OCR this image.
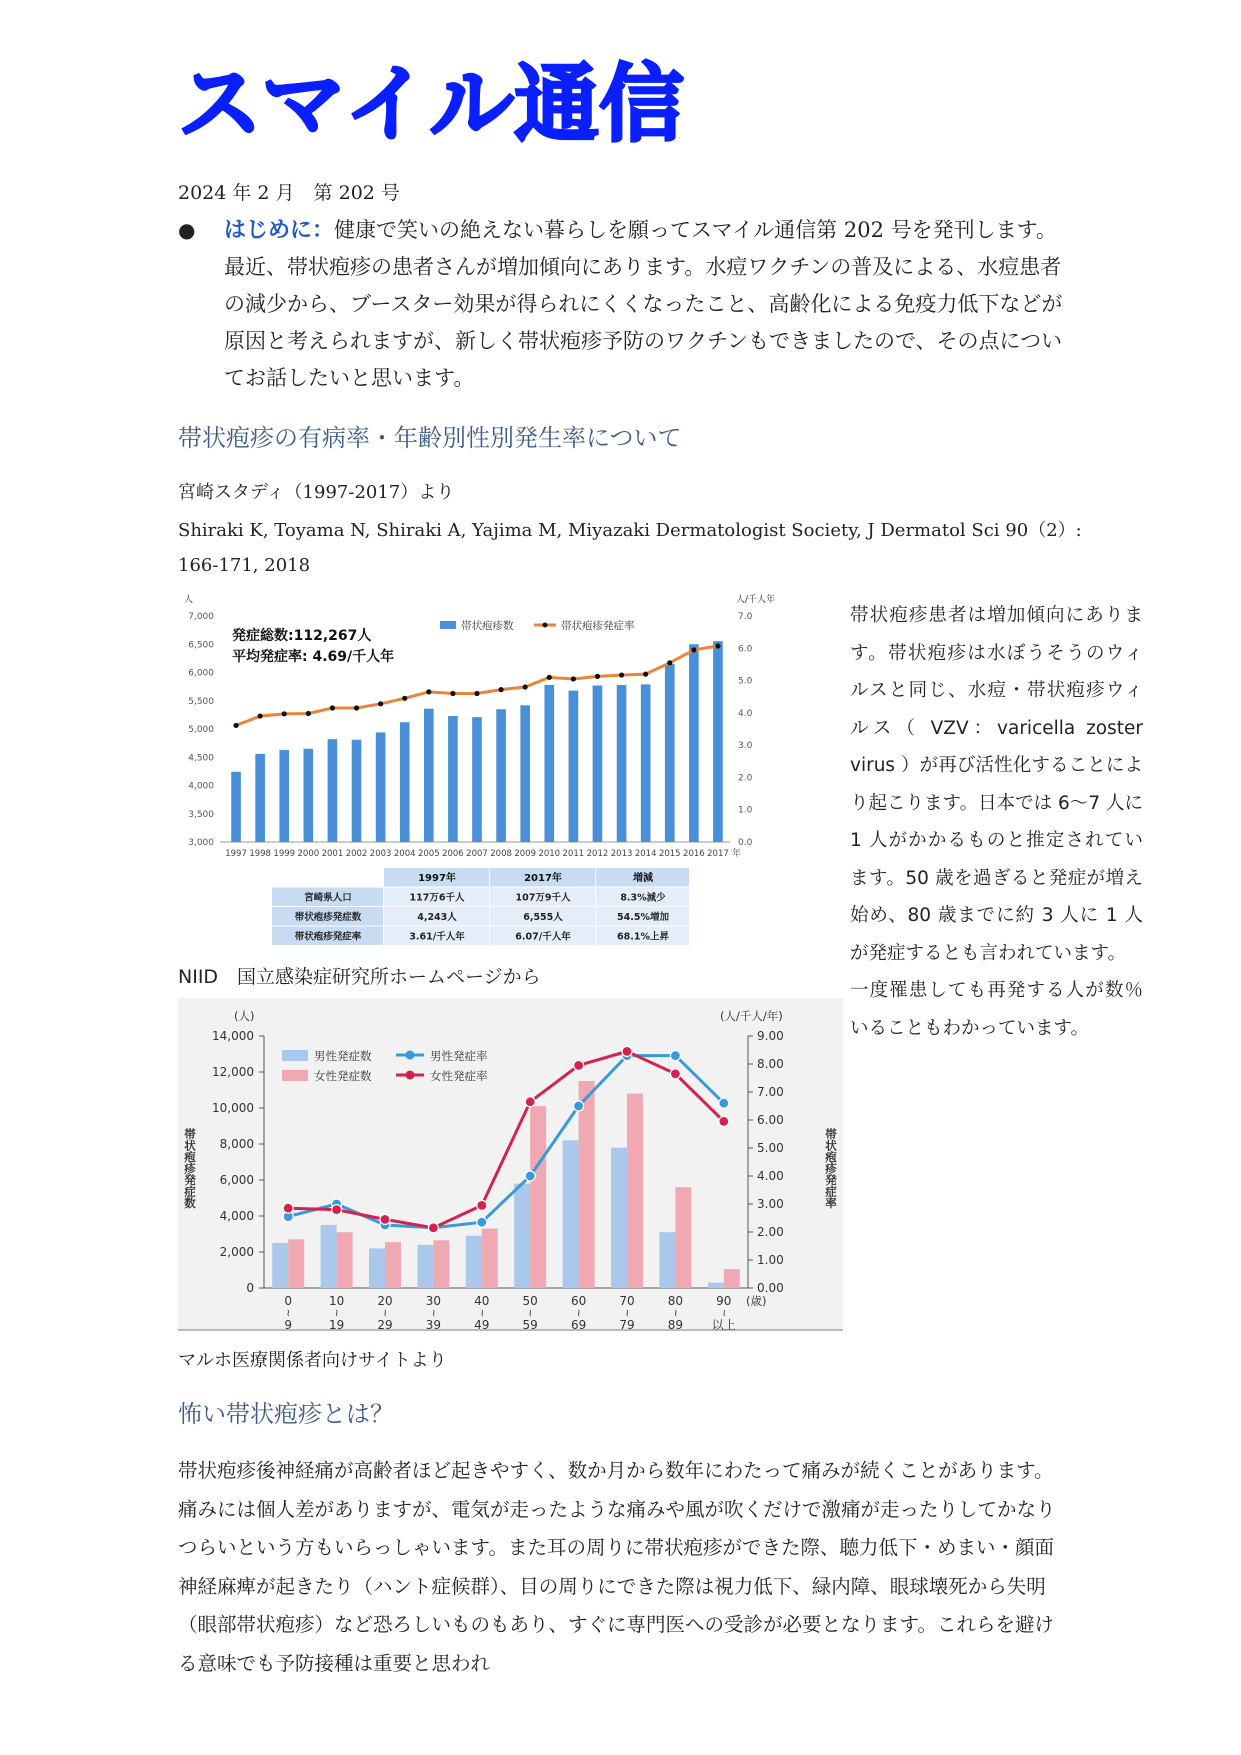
スマイル通信
2024 年 2 月　第 202 号
● はじめに：健康で笑いの絶えない暮らしを願ってスマイル通信第 202 号を発刊します。最近、帯状疱疹の患者さんが増加傾向にあります。水痘ワクチンの普及による、水痘患者の減少から、ブースター効果が得られにくくなったこと、高齢化による免疫力低下などが原因と考えられますが、新しく帯状疱疹予防のワクチンもできましたので、その点についてお話したいと思います。
帯状疱疹の有病率・年齢別性別発生率について
宮崎スタディ（1997-2017）より
Shiraki K, Toyama N, Shiraki A, Yajima M, Miyazaki Dermatologist Society, J Dermatol Sci 90（2）:
166-171, 2018
人	人/千人年
3,000
3,500
4,000
4,500
5,000
5,500
6,000
6,500
7,000
0.0
1.0
2.0
3.0
4.0
5.0
6.0
7.0
1997 1998 1999 2000 2001 2002 2003 2004 2005 2006 2007 2008 2009 2010 2011 2012 2013 2014 2015 2016 2017 年
発症総数:112,267人
平均発症率: 4.69/千人年
帯状疱疹数	帯状疱疹発症率
1997年	2017年	増減
宮崎県人口	117万6千人	107万9千人	8.3%減少
帯状疱疹発症数	4,243人	6,555人	54.5%増加
帯状疱疹発症率	3.61/千人年	6.07/千人年	68.1%上昇
NIID　国立感染症研究所ホームページから
(人)	(人/千人/年)
0
2,000
4,000
6,000
8,000
10,000
12,000
14,000
0.00
1.00
2.00
3.00
4.00
5.00
6.00
7.00
8.00
9.00
帯状疱疹発症数	帯状疱疹発症率
0
~
9
10
~
19
20
~
29
30
~
39
40
~
49
50
~
59
60
~
69
70
~
79
80
~
89
90
~
以上
(歳)
男性発症数
女性発症数
男性発症率
女性発症率
マルホ医療関係者向けサイトより
帯状疱疹患者は増加傾向にあります。帯状疱疹は水ぼうそうのウィルスと同じ、水痘・帯状疱疹ウィルス（ VZV：varicella zoster virus ）が再び活性化することにより起こります。日本では 6〜7 人に 1 人がかかるものと推定されています。50 歳を過ぎると発症が増え始め、80 歳までに約 3 人に 1 人が発症するとも言われています。
一度罹患しても再発する人が数％いることもわかっています。
怖い帯状疱疹とは？
帯状疱疹後神経痛が高齢者ほど起きやすく、数か月から数年にわたって痛みが続くことがあります。痛みには個人差がありますが、電気が走ったような痛みや風が吹くだけで激痛が走ったりしてかなりつらいという方もいらっしゃいます。また耳の周りに帯状疱疹ができた際、聴力低下・めまい・顔面神経麻痺が起きたり（ハント症候群）、目の周りにできた際は視力低下、緑内障、眼球壊死から失明（眼部帯状疱疹）など恐ろしいものもあり、すぐに専門医への受診が必要となります。これらを避ける意味でも予防接種は重要と思われ
